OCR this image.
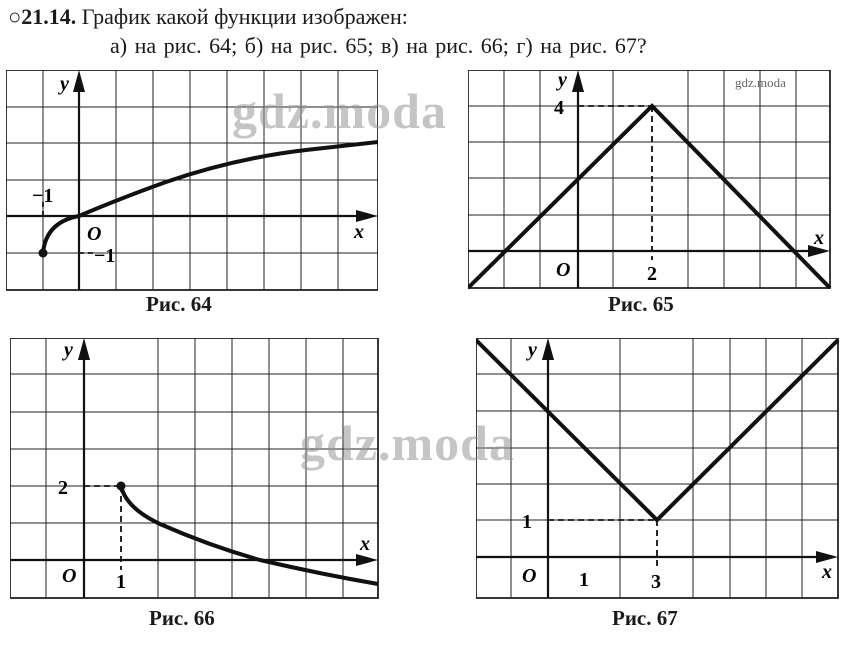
○21.14. График какой функции изображен:
а) на рис. 64; б) на рис. 65; в) на рис. 66; г) на рис. 67?
y
x
O
−1
−1
Рис. 64
y
x
O	2
4
gdz.moda
Рис. 65
y
x
O 1
2
Рис. 66
y
x
O 1	3
1
Рис. 67
gdz.moda
gdz.moda
